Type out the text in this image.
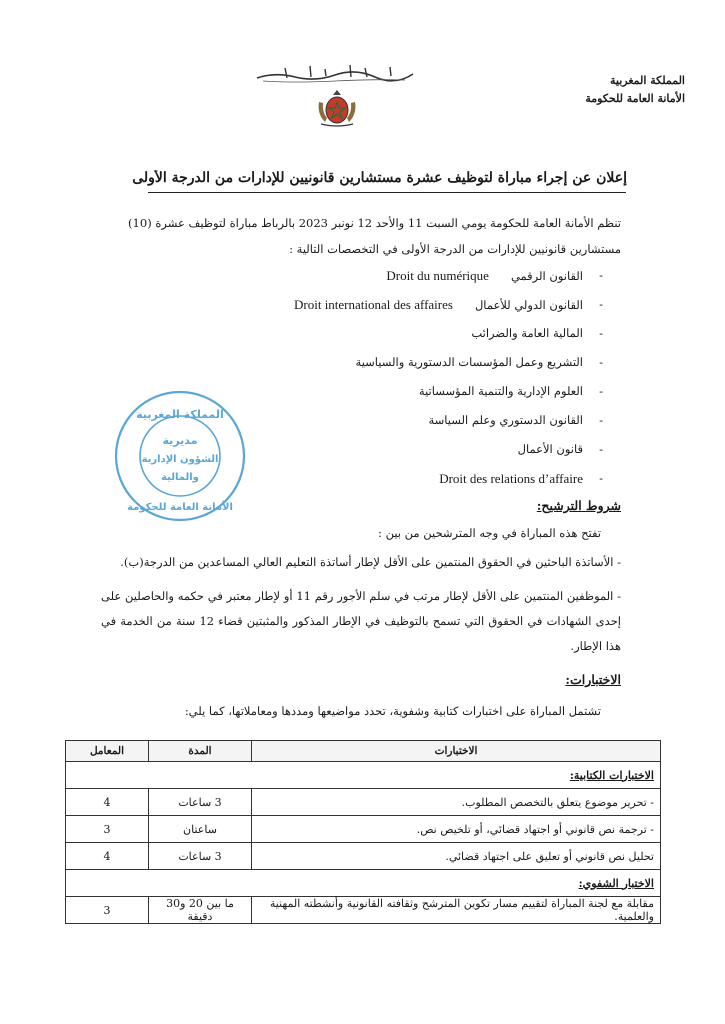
المملكة المغربية
الأمانة العامة للحكومة
إعلان عن إجراء مباراة لتوظيف عشرة مستشارين قانونيين للإدارات من الدرجة الأولى
تنظم الأمانة العامة للحكومة يومي السبت 11 والأحد 12 نونبر 2023 بالرباط مباراة لتوظيف عشرة (10)
مستشارين قانونيين للإدارات من الدرجة الأولى في التخصصات التالية :
- القانون الرقميDroit du numérique
- القانون الدولي للأعمالDroit international des affaires
- المالية العامة والضرائب
- التشريع وعمل المؤسسات الدستورية والسياسية
- العلوم الإدارية والتنمية المؤسساتية
- القانون الدستوري وعلم السياسة
- قانون الأعمال
- Droit des relations d’affaire
المملكة المغربية
الأمانة العامة للحكومة
مديرية
الشؤون الإدارية
والمالية
شروط الترشيح:
تفتح هذه المباراة في وجه المترشحين من بين :
- الأساتذة الباحثين في الحقوق المنتمين على الأقل لإطار أساتذة التعليم العالي المساعدين من الدرجة(ب).
- الموظفين المنتمين على الأقل لإطار مرتب في سلم الأجور رقم 11 أو لإطار معتبر في حكمه والحاصلين على إحدى الشهادات في الحقوق التي تسمح بالتوظيف في الإطار المذكور والمثبتين قضاء 12 سنة من الخدمة في هذا الإطار.
الاختبارات:
تشتمل المباراة على اختبارات كتابية وشفوية، تحدد مواضيعها ومددها ومعاملاتها، كما يلي:
الاختبارات	المدة	المعامل
الاختبارات الكتابية:		
- تحرير موضوع يتعلق بالتخصص المطلوب.	3 ساعات	4
- ترجمة نص قانوني أو اجتهاد قضائي، أو تلخيص نص.	ساعتان	3
تحليل نص قانوني أو تعليق على اجتهاد قضائي.	3 ساعات	4
الاختبار الشفوي:		
مقابلة مع لجنة المباراة لتقييم مسار تكوين المترشح وثقافته القانونية وأنشطته المهنية والعلمية.	ما بين 20 و30 دقيقة	3
